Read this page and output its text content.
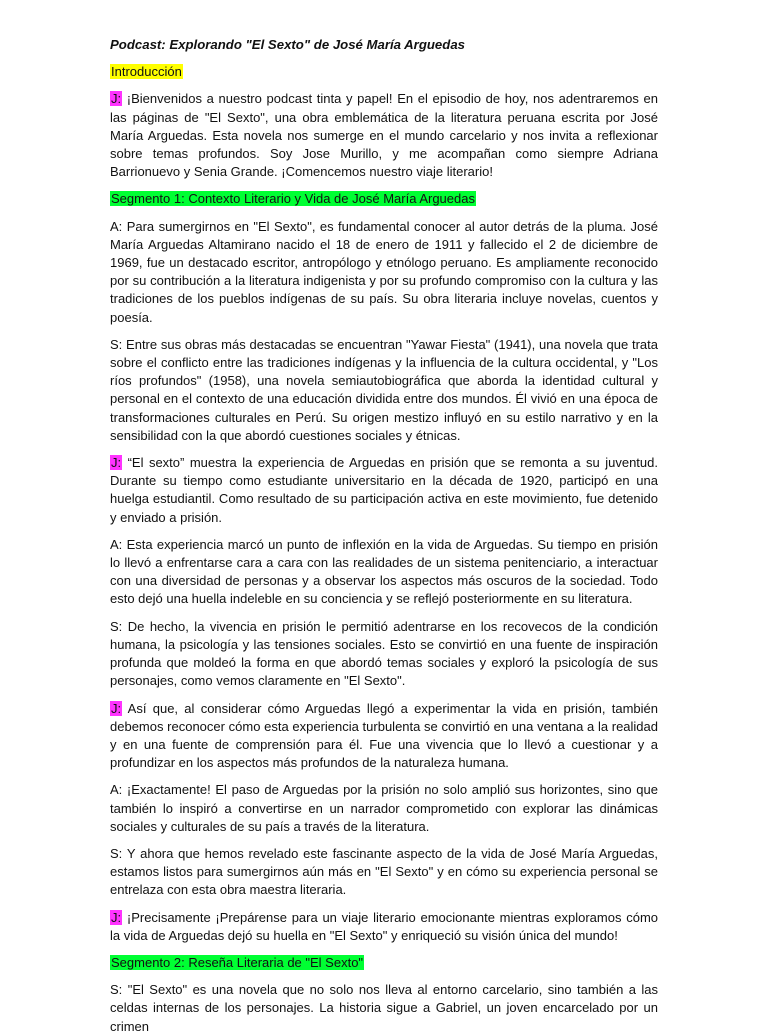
Podcast: Explorando "El Sexto" de José María Arguedas
Introducción

J: ¡Bienvenidos a nuestro podcast tinta y papel! En el episodio de hoy, nos adentraremos en las páginas de "El Sexto", una obra emblemática de la literatura peruana escrita por José María Arguedas. Esta novela nos sumerge en el mundo carcelario y nos invita a reflexionar sobre temas profundos. Soy Jose Murillo, y me acompañan como siempre Adriana Barrionuevo y Senia Grande. ¡Comencemos nuestro viaje literario!

Segmento 1: Contexto Literario y Vida de José María Arguedas

A: Para sumergirnos en "El Sexto", es fundamental conocer al autor detrás de la pluma. José María Arguedas Altamirano nacido el 18 de enero de 1911 y fallecido el 2 de diciembre de 1969, fue un destacado escritor, antropólogo y etnólogo peruano. Es ampliamente reconocido por su contribución a la literatura indigenista y por su profundo compromiso con la cultura y las tradiciones de los pueblos indígenas de su país. Su obra literaria incluye novelas, cuentos y poesía.

S: Entre sus obras más destacadas se encuentran "Yawar Fiesta" (1941), una novela que trata sobre el conflicto entre las tradiciones indígenas y la influencia de la cultura occidental, y "Los ríos profundos" (1958), una novela semiautobiográfica que aborda la identidad cultural y personal en el contexto de una educación dividida entre dos mundos. Él vivió en una época de transformaciones culturales en Perú. Su origen mestizo influyó en su estilo narrativo y en la sensibilidad con la que abordó cuestiones sociales y étnicas.

J: “El sexto” muestra la experiencia de Arguedas en prisión que se remonta a su juventud. Durante su tiempo como estudiante universitario en la década de 1920, participó en una huelga estudiantil. Como resultado de su participación activa en este movimiento, fue detenido y enviado a prisión.

A: Esta experiencia marcó un punto de inflexión en la vida de Arguedas. Su tiempo en prisión lo llevó a enfrentarse cara a cara con las realidades de un sistema penitenciario, a interactuar con una diversidad de personas y a observar los aspectos más oscuros de la sociedad. Todo esto dejó una huella indeleble en su conciencia y se reflejó posteriormente en su literatura.

S: De hecho, la vivencia en prisión le permitió adentrarse en los recovecos de la condición humana, la psicología y las tensiones sociales. Esto se convirtió en una fuente de inspiración profunda que moldeó la forma en que abordó temas sociales y exploró la psicología de sus personajes, como vemos claramente en "El Sexto".

J: Así que, al considerar cómo Arguedas llegó a experimentar la vida en prisión, también debemos reconocer cómo esta experiencia turbulenta se convirtió en una ventana a la realidad y en una fuente de comprensión para él. Fue una vivencia que lo llevó a cuestionar y a profundizar en los aspectos más profundos de la naturaleza humana.

A: ¡Exactamente! El paso de Arguedas por la prisión no solo amplió sus horizontes, sino que también lo inspiró a convertirse en un narrador comprometido con explorar las dinámicas sociales y culturales de su país a través de la literatura.

S: Y ahora que hemos revelado este fascinante aspecto de la vida de José María Arguedas, estamos listos para sumergirnos aún más en "El Sexto" y en cómo su experiencia personal se entrelaza con esta obra maestra literaria.

J: ¡Precisamente ¡Prepárense para un viaje literario emocionante mientras exploramos cómo la vida de Arguedas dejó su huella en "El Sexto" y enriqueció su visión única del mundo!

Segmento 2: Reseña Literaria de "El Sexto"

S: "El Sexto" es una novela que no solo nos lleva al entorno carcelario, sino también a las celdas internas de los personajes. La historia sigue a Gabriel, un joven encarcelado por un crimen
